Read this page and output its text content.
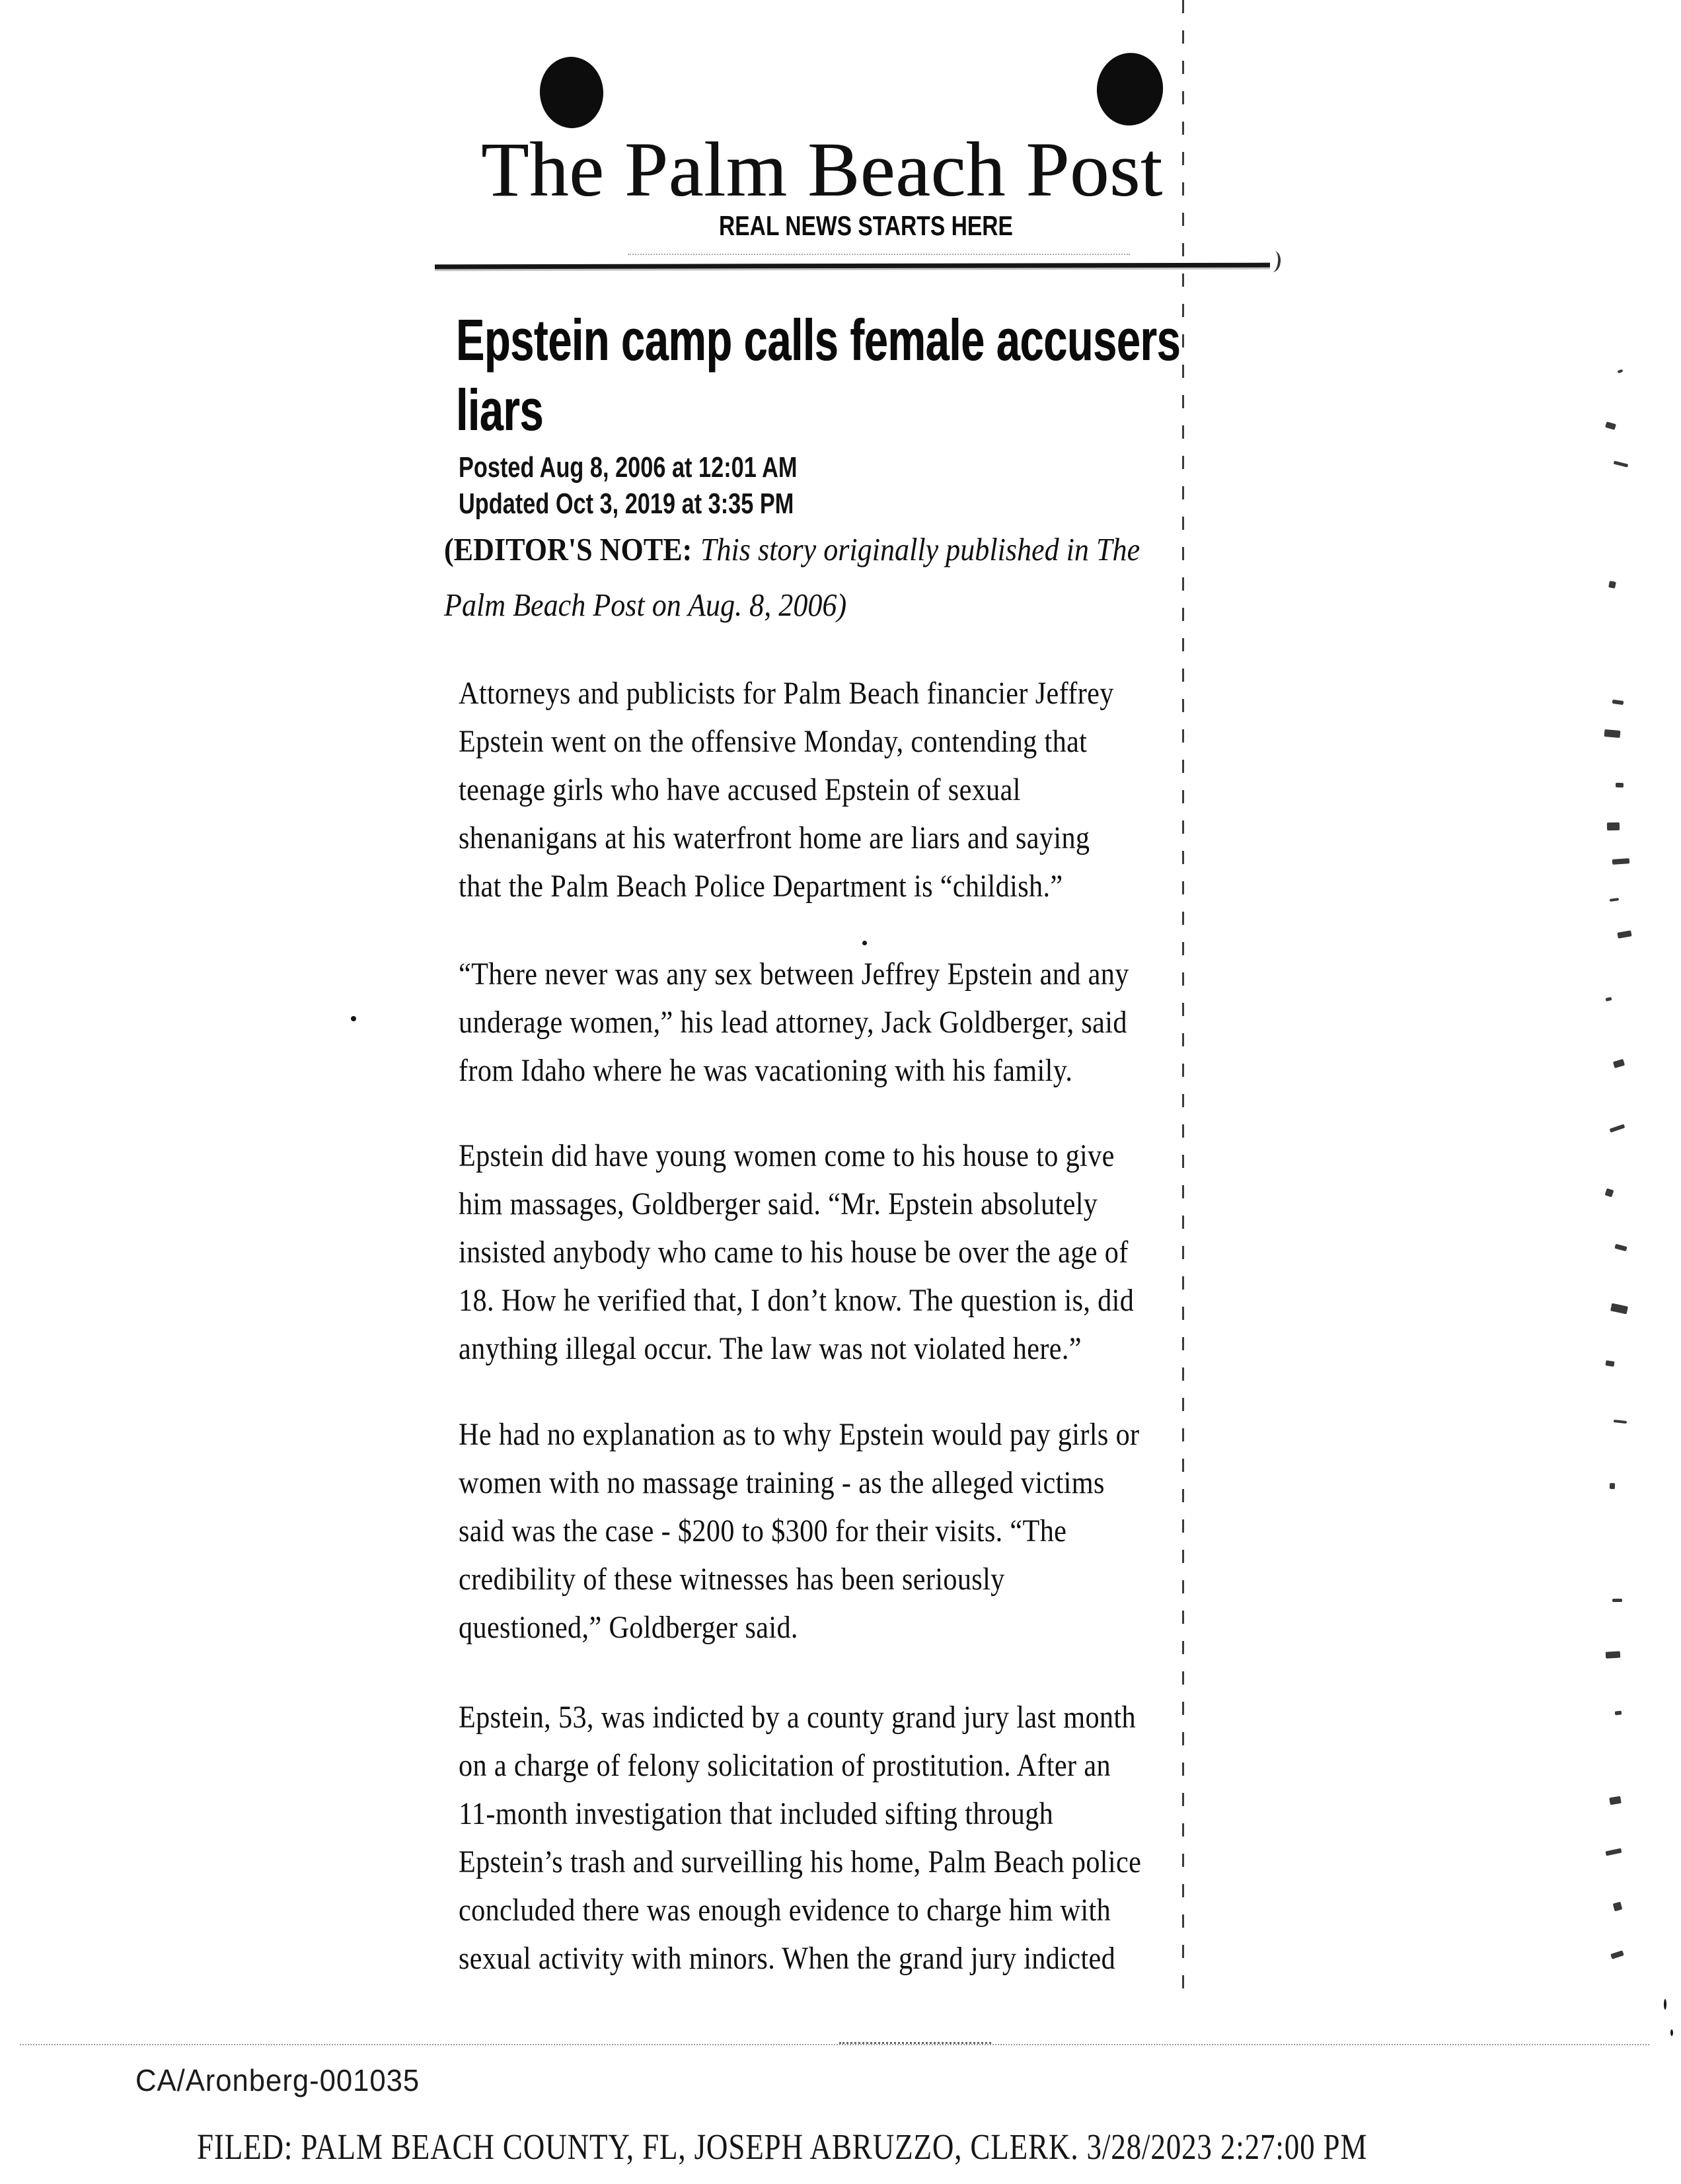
The Palm Beach Post
REAL NEWS STARTS HERE
Epstein camp calls female accusers
liars
Posted Aug 8, 2006 at 12:01 AM
Updated Oct 3, 2019 at 3:35 PM
(EDITOR'S NOTE: This story originally published in The
Palm Beach Post on Aug. 8, 2006)
Attorneys and publicists for Palm Beach financier Jeffrey
Epstein went on the offensive Monday, contending that
teenage girls who have accused Epstein of sexual
shenanigans at his waterfront home are liars and saying
that the Palm Beach Police Department is “childish.”
“There never was any sex between Jeffrey Epstein and any
underage women,” his lead attorney, Jack Goldberger, said
from Idaho where he was vacationing with his family.
Epstein did have young women come to his house to give
him massages, Goldberger said. “Mr. Epstein absolutely
insisted anybody who came to his house be over the age of
18. How he verified that, I don’t know. The question is, did
anything illegal occur. The law was not violated here.”
He had no explanation as to why Epstein would pay girls or
women with no massage training - as the alleged victims
said was the case - $200 to $300 for their visits. “The
credibility of these witnesses has been seriously
questioned,” Goldberger said.
Epstein, 53, was indicted by a county grand jury last month
on a charge of felony solicitation of prostitution. After an
11-month investigation that included sifting through
Epstein’s trash and surveilling his home, Palm Beach police
concluded there was enough evidence to charge him with
sexual activity with minors. When the grand jury indicted
CA/Aronberg-001035
FILED: PALM BEACH COUNTY, FL, JOSEPH ABRUZZO, CLERK. 3/28/2023 2:27:00 PM
